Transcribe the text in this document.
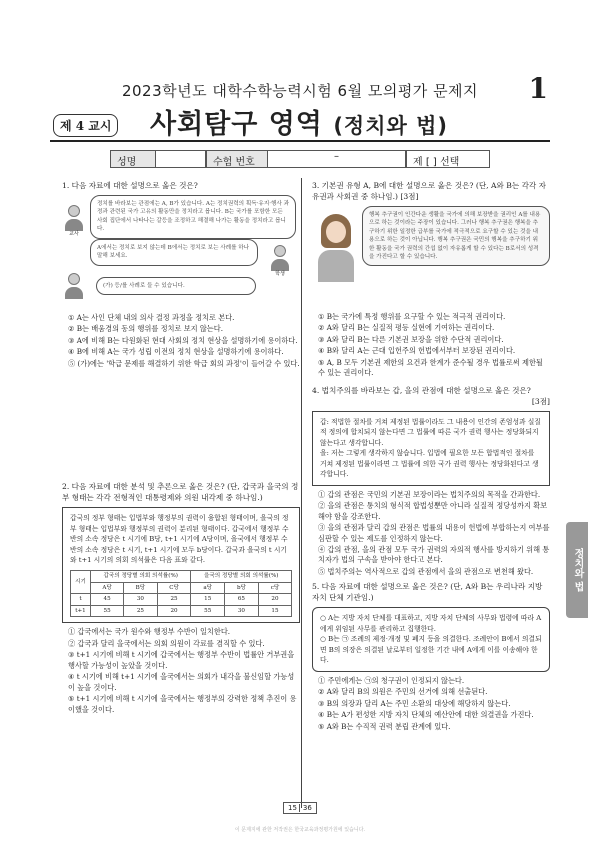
2023학년도 대학수학능력시험 6월 모의평가 문제지	1
제 4 교시 사회탐구 영역 (정치와 법)
성명	수험 번호
–
제 [ ] 선택
1. 다음 자료에 대한 설명으로 옳은 것은?
교사
정치를 바라보는 관점에는 A, B가 있습니다. A는 정치권력의 획득·유지·행사 과정과 관련된 국가 고유의 활동만을 정치라고 봅니다. B는 국가를 포함한 모든 사회 집단에서 나타나는 갈등을 조정하고 해결해 나가는 활동을 정치라고 봅니다.
A에서는 정치로 보지 않는데 B에서는 정치로 보는 사례를 하나 말해 보세요.
학생
(가) 등/를 사례로 들 수 있습니다.
① A는 사인 단체 내의 의사 결정 과정을 정치로 본다.
② B는 배움경의 동의 행위를 정치로 보지 않는다.
③ A에 비해 B는 다원화된 현대 사회의 정치 현상을 설명하기에 용이하다.
④ B에 비해 A는 국가 성립 이전의 정치 현상을 설명하기에 용이하다.
⑤ (가)에는 '학급 문제를 해결하기 위한 학급 회의 과정'이 들어갈 수 있다.
2. 다음 자료에 대한 분석 및 추론으로 옳은 것은? (단, 갑국과 을국의 정부 형태는 각각 전형적인 대통령제와 의원 내각제 중 하나임.)
갑국의 정부 형태는 입법부와 행정부의 권력이 융합된 형태이며, 을국의 정부 형태는 입법부와 행정부의 권력이 분리된 형태이다. 갑국에서 행정부 수반의 소속 정당은 t 시기에 B당, t+1 시기에 A당이며, 을국에서 행정부 수반의 소속 정당은 t 시기, t+1 시기에 모두 b당이다. 갑국과 을국의 t 시기와 t+1 시기의 의회 의석률은 다음 표와 같다.
시기	갑국의 정당별 의회 의석률(%)			을국의 정당별 의회 의석률(%)		
	A당	B당	C당	a당	b당	c당
t	45	30	25	15	65	20
t+1	55	25	20	55	30	15
① 갑국에서는 국가 원수와 행정부 수반이 일치한다.
② 갑국과 달리 을국에서는 의회 의원이 각료를 겸직할 수 있다.
③ t+1 시기에 비해 t 시기에 갑국에서는 행정부 수반이 법률안 거부권을 행사할 가능성이 높았을 것이다.
④ t 시기에 비해 t+1 시기에 을국에서는 의회가 내각을 불신임할 가능성이 높을 것이다.
⑤ t+1 시기에 비해 t 시기에 을국에서는 행정부의 강력한 정책 추진이 용이했을 것이다.
3. 기본권 유형 A, B에 대한 설명으로 옳은 것은? (단, A와 B는 각각 자유권과 사회권 중 하나임.) [3점]
행복 추구권이 인간다운 생활을 국가에 의해 보장받을 권리인 A를 내용으로 하는 것이라는 주장이 있습니다. 그러나 행복 추구권은 행복을 추구하기 위한 일정한 급부를 국가에 적극적으로 요구할 수 있는 것을 내용으로 하는 것이 아닙니다. 행복 추구권은 국민의 행복을 추구하기 위한 활동을 국가 권력의 간섭 없이 자유롭게 할 수 있다는 B로서의 성격을 가진다고 할 수 있습니다.
① B는 국가에 특정 행위를 요구할 수 있는 적극적 권리이다.
② A와 달리 B는 실질적 평등 실현에 기여하는 권리이다.
③ A와 달리 B는 다른 기본권 보장을 위한 수단적 권리이다.
④ B와 달리 A는 근대 입헌주의 헌법에서부터 보장된 권리이다.
⑤ A, B 모두 기본권 제한의 요건과 한계가 준수될 경우 법률로써 제한될 수 있는 권리이다.
4. 법치주의를 바라보는 갑, 을의 관점에 대한 설명으로 옳은 것은?
[3점]
갑: 적법한 절차를 거쳐 제정된 법률이라도 그 내용이 인간의 존엄성과 실질적 정의에 합치되지 않는다면 그 법률에 따른 국가 권력 행사는 정당화되지 않는다고 생각합니다.
을: 저는 그렇게 생각하지 않습니다. 입법에 필요한 모든 합법적인 절차를 거쳐 제정된 법률이라면 그 법률에 의한 국가 권력 행사는 정당화된다고 생각합니다.
① 갑의 관점은 국민의 기본권 보장이라는 법치주의의 목적을 간과한다.
② 을의 관점은 통치의 형식적 합법성뿐만 아니라 실질적 정당성까지 확보해야 함을 강조한다.
③ 을의 관점과 달리 갑의 관점은 법률의 내용이 헌법에 부합하는지 여부를 심판할 수 있는 제도를 인정하지 않는다.
④ 갑의 관점, 을의 관점 모두 국가 권력의 자의적 행사를 방지하기 위해 통치자가 법의 구속을 받아야 한다고 본다.
⑤ 법치주의는 역사적으로 갑의 관점에서 을의 관점으로 변천해 왔다.
5. 다음 자료에 대한 설명으로 옳은 것은? (단, A와 B는 우리나라 지방 자치 단체 기관임.)
○ A는 지방 자치 단체를 대표하고, 지방 자치 단체의 사무와 법령에 따라 A에게 위임된 사무를 관리하고 집행한다.
○ B는 ㉠ 조례의 제정·개정 및 폐지 등을 의결한다. 조례안이 B에서 의결되면 B의 의장은 의결된 날로부터 일정한 기간 내에 A에게 이를 이송해야 한다.
① 주민에게는 ㉠의 청구권이 인정되지 않는다.
② A와 달리 B의 의원은 주민의 선거에 의해 선출된다.
③ B의 의장과 달리 A는 주민 소환의 대상에 해당하지 않는다.
④ B는 A가 편성한 지방 자치 단체의 예산안에 대한 의결권을 가진다.
⑤ A와 B는 수직적 권력 분립 관계에 있다.
정치와 법
15 36
이 문제지에 관한 저작권은 한국교육과정평가원에 있습니다.
